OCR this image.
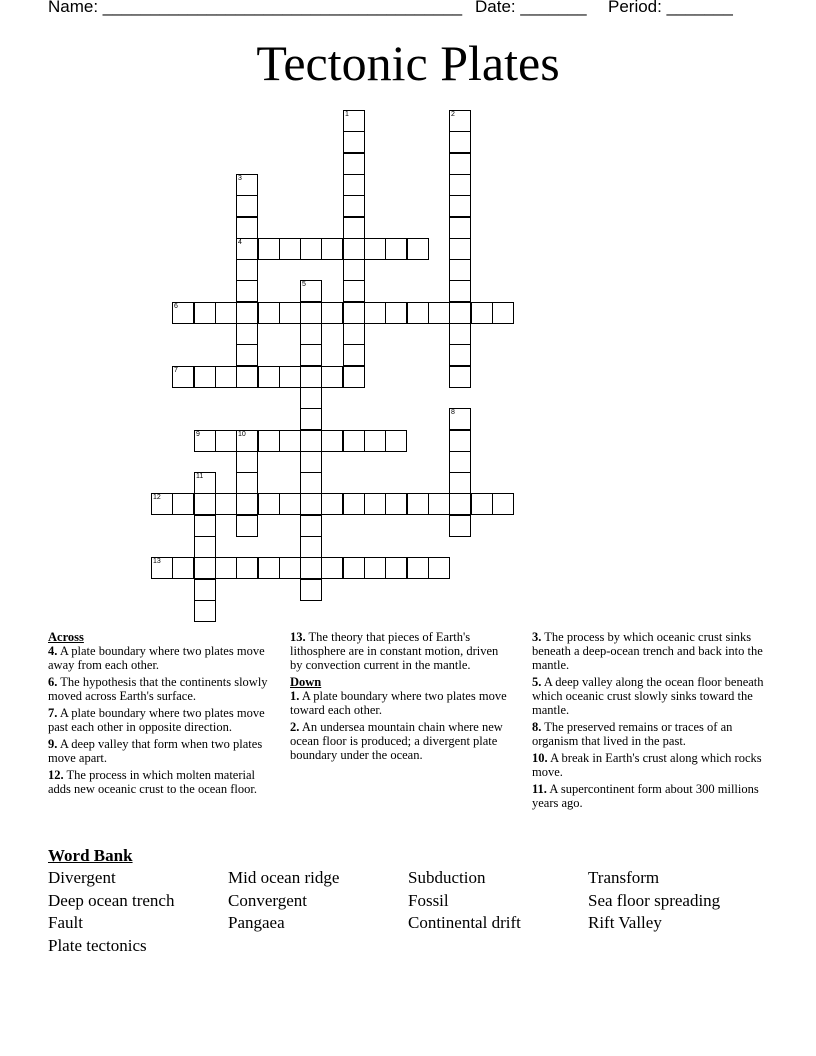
Name: ______________________________________ Date: _______ Period: _______
Tectonic Plates
1	2
3
4
5
6
7
8
9	10
11
12
13

Across

4. A plate boundary where two plates move away from each other.

6. The hypothesis that the continents slowly moved across Earth's surface.

7. A plate boundary where two plates move past each other in opposite direction.

9. A deep valley that form when two plates move apart.

12. The process in which molten material adds new oceanic crust to the ocean floor.

13. The theory that pieces of Earth's lithosphere are in constant motion, driven by convection current in the mantle.

Down

1. A plate boundary where two plates move toward each other.

2. An undersea mountain chain where new ocean floor is produced; a divergent plate boundary under the ocean.

3. The process by which oceanic crust sinks beneath a deep-ocean trench and back into the mantle.

5. A deep valley along the ocean floor beneath which oceanic crust slowly sinks toward the mantle.

8. The preserved remains or traces of an organism that lived in the past.

10. A break in Earth's crust along which rocks move.

11. A supercontinent form about 300 millions years ago.

Word Bank
Divergent	Mid ocean ridge	Subduction	Transform
Deep ocean trench	Convergent	Fossil	Sea floor spreading
Fault	Pangaea	Continental drift	Rift Valley
Plate tectonics
